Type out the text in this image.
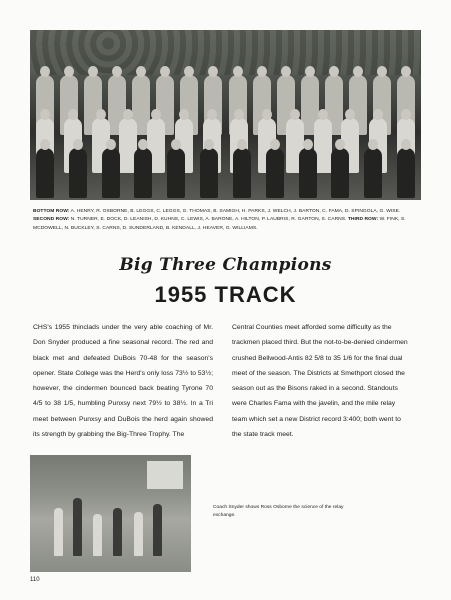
BOTTOM ROW: A. HENRY, R. OSBORNE, B. LEGGS, C. LEGGS, G. THOMAS, B. SAMIGH, H. PARKS, J. WELCH, J. BARTON, C. FAMA, D. SPINGOLA, G. WISE. SECOND ROW: N. TURNER, E. DOCK, D. LEANISH, D. KUHNS, C. LEWIS, A. BARONE, A. HILTON, P. LAUBRIS, R. GARTON, S. CARNS. THIRD ROW: W. FINK, S. MCDOWELL, N. BUCKLEY, S. CARNS, D. SUNDERLAND, B. KENDALL, J. HEAVER, G. WILLIAMS.
Big Three Champions
1955 TRACK
CHS's 1955 thinclads under the very able coaching of Mr. Don Snyder produced a fine seasonal record. The red and black met and defeated DuBois 70-48 for the season's opener. State College was the Herd's only loss 73½ to 53½; however, the cindermen bounced back beating Tyrone 70 4/5 to 38 1/5, humbling Punxsy next 79½ to 38½. In a Tri meet between Punxsy and DuBois the herd again showed its strength by grabbing the Big-Three Trophy. The
Central Counties meet afforded some difficulty as the trackmen placed third. But the not-to-be-denied cindermen crushed Bellwood-Antis 82 5/8 to 35 1/6 for the final dual meet of the season. The Districts at Smethport closed the season out as the Bisons raked in a second. Standouts were Charles Fama with the javelin, and the mile relay team which set a new District record 3:400; both went to the state track meet.
Coach Snyder shows Ross Osborne the science of the relay exchange.
110
